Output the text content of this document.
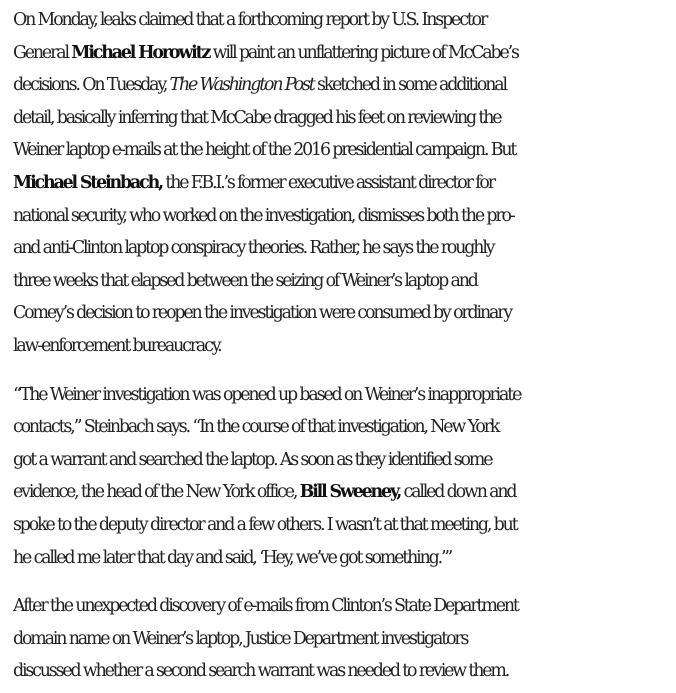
On Monday, leaks claimed that a forthcoming report by U.S. Inspector
General Michael Horowitz will paint an unflattering picture of McCabe’s
decisions. On Tuesday, The Washington Post sketched in some additional
detail, basically inferring that McCabe dragged his feet on reviewing the
Weiner laptop e-mails at the height of the 2016 presidential campaign. But
Michael Steinbach, the F.B.I.’s former executive assistant director for
national security, who worked on the investigation, dismisses both the pro-
and anti-Clinton laptop conspiracy theories. Rather, he says the roughly
three weeks that elapsed between the seizing of Weiner’s laptop and
Comey’s decision to reopen the investigation were consumed by ordinary
law-enforcement bureaucracy.

“The Weiner investigation was opened up based on Weiner’s inappropriate
contacts,” Steinbach says. “In the course of that investigation, New York
got a warrant and searched the laptop. As soon as they identified some
evidence, the head of the New York office, Bill Sweeney, called down and
spoke to the deputy director and a few others. I wasn’t at that meeting, but
he called me later that day and said, ‘Hey, we’ve got something.’”

After the unexpected discovery of e-mails from Clinton’s State Department
domain name on Weiner’s laptop, Justice Department investigators
discussed whether a second search warrant was needed to review them.
